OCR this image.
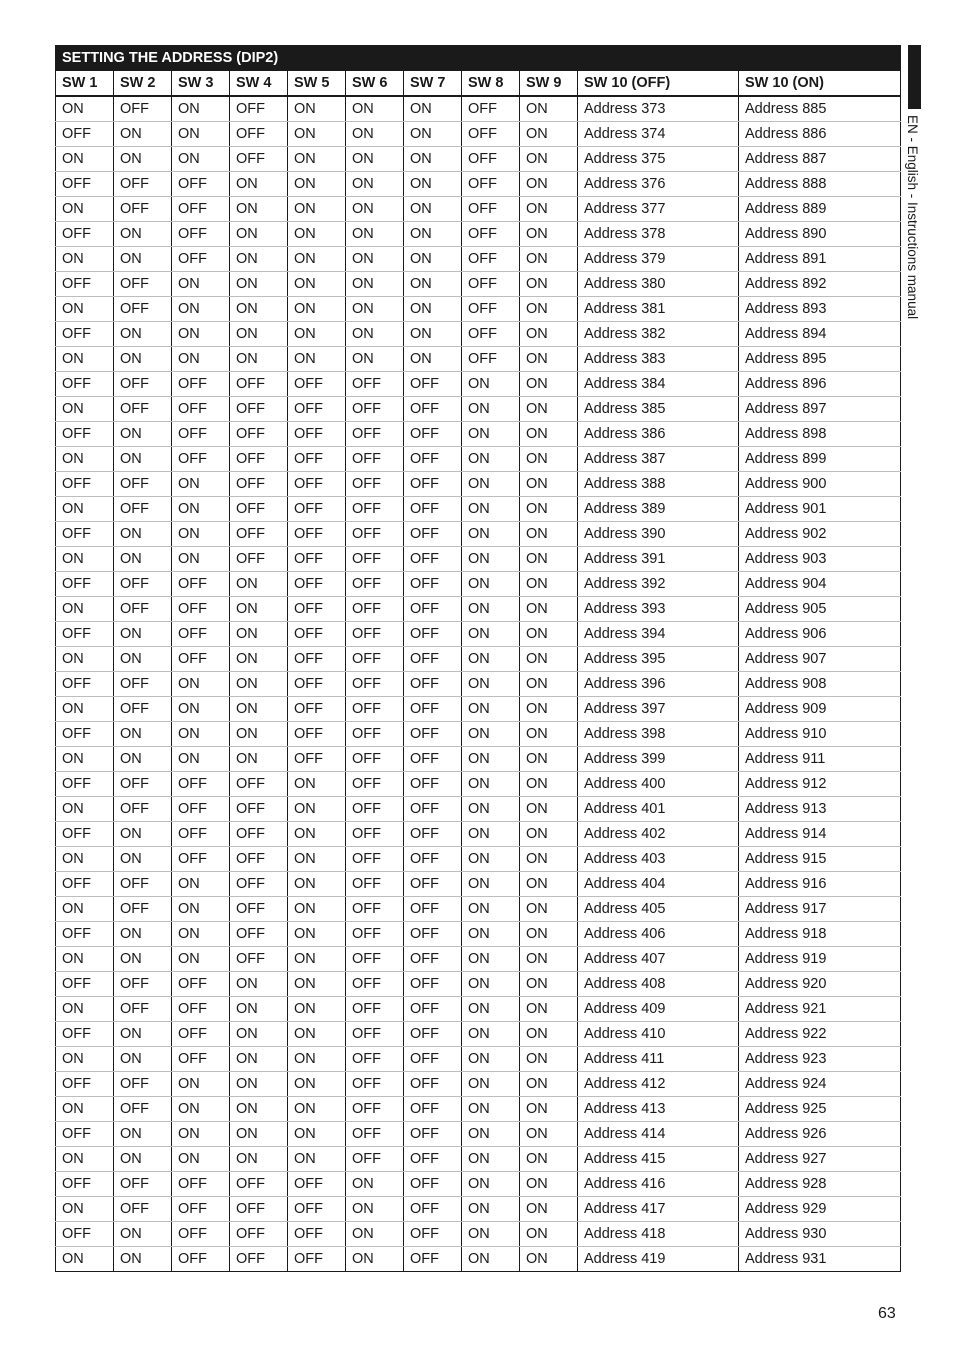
EN - English - Instructions manual
SETTING THE ADDRESS (DIP2)										
SW 1	SW 2	SW 3	SW 4	SW 5	SW 6	SW 7	SW 8	SW 9	SW 10 (OFF)	SW 10 (ON)
ON	OFF	ON	OFF	ON	ON	ON	OFF	ON	Address 373	Address 885
OFF	ON	ON	OFF	ON	ON	ON	OFF	ON	Address 374	Address 886
ON	ON	ON	OFF	ON	ON	ON	OFF	ON	Address 375	Address 887
OFF	OFF	OFF	ON	ON	ON	ON	OFF	ON	Address 376	Address 888
ON	OFF	OFF	ON	ON	ON	ON	OFF	ON	Address 377	Address 889
OFF	ON	OFF	ON	ON	ON	ON	OFF	ON	Address 378	Address 890
ON	ON	OFF	ON	ON	ON	ON	OFF	ON	Address 379	Address 891
OFF	OFF	ON	ON	ON	ON	ON	OFF	ON	Address 380	Address 892
ON	OFF	ON	ON	ON	ON	ON	OFF	ON	Address 381	Address 893
OFF	ON	ON	ON	ON	ON	ON	OFF	ON	Address 382	Address 894
ON	ON	ON	ON	ON	ON	ON	OFF	ON	Address 383	Address 895
OFF	OFF	OFF	OFF	OFF	OFF	OFF	ON	ON	Address 384	Address 896
ON	OFF	OFF	OFF	OFF	OFF	OFF	ON	ON	Address 385	Address 897
OFF	ON	OFF	OFF	OFF	OFF	OFF	ON	ON	Address 386	Address 898
ON	ON	OFF	OFF	OFF	OFF	OFF	ON	ON	Address 387	Address 899
OFF	OFF	ON	OFF	OFF	OFF	OFF	ON	ON	Address 388	Address 900
ON	OFF	ON	OFF	OFF	OFF	OFF	ON	ON	Address 389	Address 901
OFF	ON	ON	OFF	OFF	OFF	OFF	ON	ON	Address 390	Address 902
ON	ON	ON	OFF	OFF	OFF	OFF	ON	ON	Address 391	Address 903
OFF	OFF	OFF	ON	OFF	OFF	OFF	ON	ON	Address 392	Address 904
ON	OFF	OFF	ON	OFF	OFF	OFF	ON	ON	Address 393	Address 905
OFF	ON	OFF	ON	OFF	OFF	OFF	ON	ON	Address 394	Address 906
ON	ON	OFF	ON	OFF	OFF	OFF	ON	ON	Address 395	Address 907
OFF	OFF	ON	ON	OFF	OFF	OFF	ON	ON	Address 396	Address 908
ON	OFF	ON	ON	OFF	OFF	OFF	ON	ON	Address 397	Address 909
OFF	ON	ON	ON	OFF	OFF	OFF	ON	ON	Address 398	Address 910
ON	ON	ON	ON	OFF	OFF	OFF	ON	ON	Address 399	Address 911
OFF	OFF	OFF	OFF	ON	OFF	OFF	ON	ON	Address 400	Address 912
ON	OFF	OFF	OFF	ON	OFF	OFF	ON	ON	Address 401	Address 913
OFF	ON	OFF	OFF	ON	OFF	OFF	ON	ON	Address 402	Address 914
ON	ON	OFF	OFF	ON	OFF	OFF	ON	ON	Address 403	Address 915
OFF	OFF	ON	OFF	ON	OFF	OFF	ON	ON	Address 404	Address 916
ON	OFF	ON	OFF	ON	OFF	OFF	ON	ON	Address 405	Address 917
OFF	ON	ON	OFF	ON	OFF	OFF	ON	ON	Address 406	Address 918
ON	ON	ON	OFF	ON	OFF	OFF	ON	ON	Address 407	Address 919
OFF	OFF	OFF	ON	ON	OFF	OFF	ON	ON	Address 408	Address 920
ON	OFF	OFF	ON	ON	OFF	OFF	ON	ON	Address 409	Address 921
OFF	ON	OFF	ON	ON	OFF	OFF	ON	ON	Address 410	Address 922
ON	ON	OFF	ON	ON	OFF	OFF	ON	ON	Address 411	Address 923
OFF	OFF	ON	ON	ON	OFF	OFF	ON	ON	Address 412	Address 924
ON	OFF	ON	ON	ON	OFF	OFF	ON	ON	Address 413	Address 925
OFF	ON	ON	ON	ON	OFF	OFF	ON	ON	Address 414	Address 926
ON	ON	ON	ON	ON	OFF	OFF	ON	ON	Address 415	Address 927
OFF	OFF	OFF	OFF	OFF	ON	OFF	ON	ON	Address 416	Address 928
ON	OFF	OFF	OFF	OFF	ON	OFF	ON	ON	Address 417	Address 929
OFF	ON	OFF	OFF	OFF	ON	OFF	ON	ON	Address 418	Address 930
ON	ON	OFF	OFF	OFF	ON	OFF	ON	ON	Address 419	Address 931
63
